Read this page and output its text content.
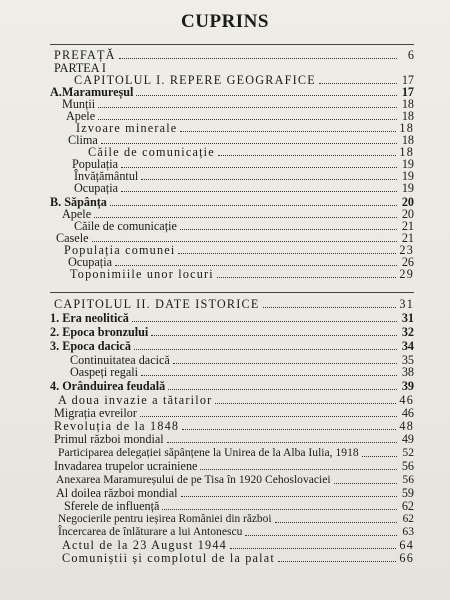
CUPRINS
PREFAȚĂ	6
PARTEA I
CAPITOLUL I. REPERE GEOGRAFICE	17
A.Maramureșul	17
Munții	18
Apele	18
Izvoare minerale	18
Clima	18
Căile de comunicație	18
Populația	19
Învățământul	19
Ocupația	19
B. Săpânța	20
Apele	20
Căile de comunicație	21
Casele	21
Populația comunei	23
Ocupația	26
Toponimiile unor locuri	29
CAPITOLUL II. DATE ISTORICE	31
1. Era neolitică	31
2. Epoca bronzului	32
3. Epoca dacică	34
Continuitatea dacică	35
Oaspeți regali	38
4. Orânduirea feudală	39
A doua invazie a tătarilor	46
Migrația evreilor	46
Revoluția de la 1848	48
Primul război mondial	49
Participarea delegației săpânțene la Unirea de la Alba Iulia, 1918	52
Invadarea trupelor ucrainiene	56
Anexarea Maramureșului de pe Tisa în 1920 Cehoslovaciei	56
Al doilea război mondial	59
Sferele de influență	62
Negocierile pentru ieșirea României din război	62
Încercarea de înlăturare a lui Antonescu	63
Actul de la 23 August 1944	64
Comuniștii și complotul de la palat	66
